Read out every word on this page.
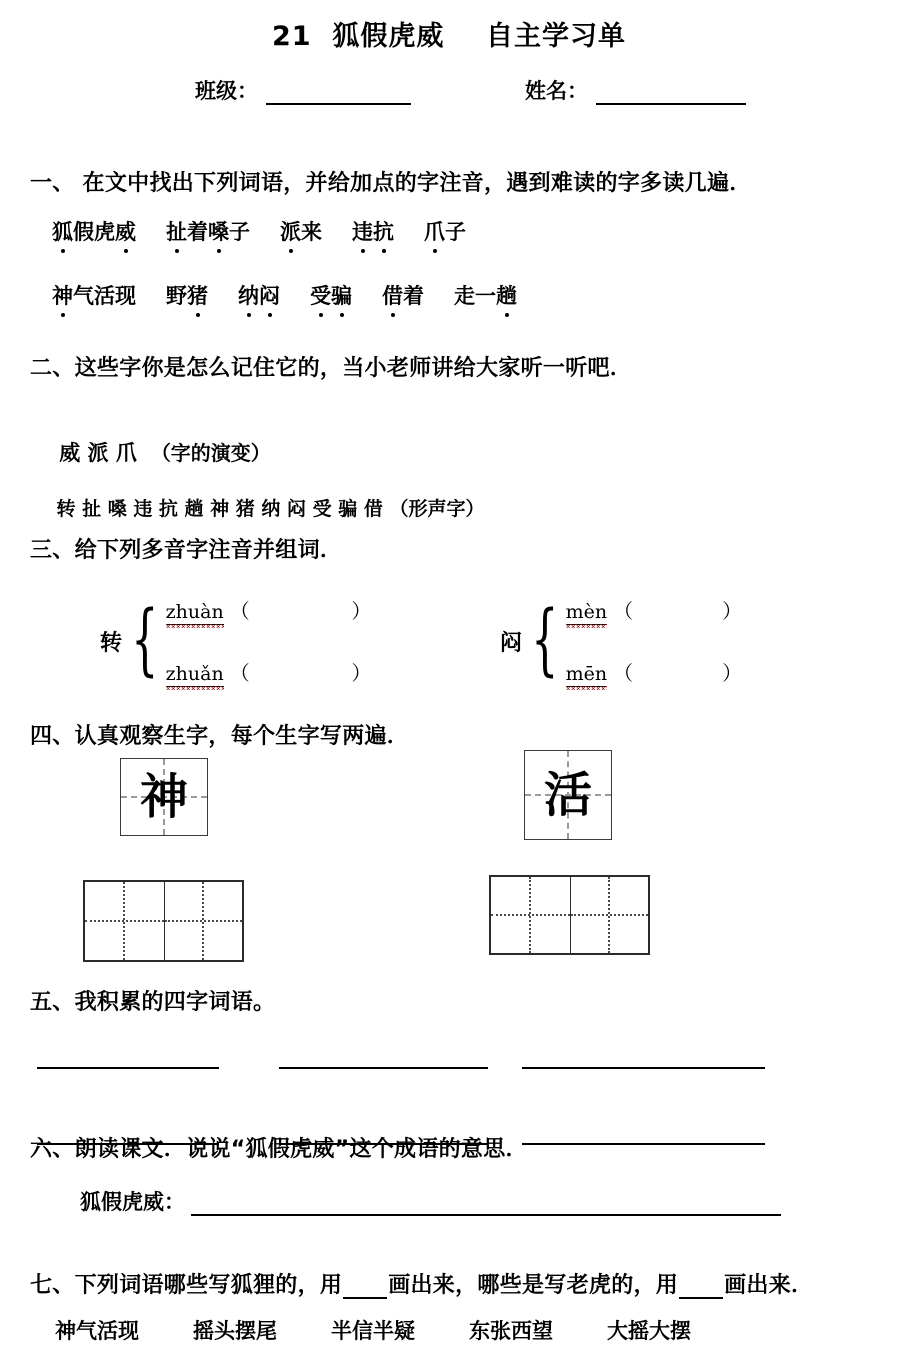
21  狐假虎威    自主学习单
班级：	姓名：
一、 在文中找出下列词语，并给加点的字注音，遇到难读的字多读几遍．
狐 假 虎 威 扯 着 嗓 子 派 来 违 抗 爪 子
神 气 活 现 野 猪 纳 闷 受 骗 借 着 走 一 趟
二、这些字你是怎么记住它的，当小老师讲给大家听一听吧．

威 派 爪 （字的演变）

转 扯 嗓 违 抗 趟 神 猪 纳 闷 受 骗 借 （形声字）

三、给下列多音字注音并组词．
转 { zhuàn （                ）
zhuǎn （                ）
闷 { mèn （              ）
mēn （              ）
四、认真观察生字，每个生字写两遍．
神	活
五、我积累的四字词语。
六、朗读课文．说说“狐假虎威”这个成语的意思．
狐假虎威：
七、下列词语哪些写狐狸的，用 画出来，哪些是写老虎的，用 画出来．
神气活现	摇头摆尾	半信半疑	东张西望	大摇大摆
